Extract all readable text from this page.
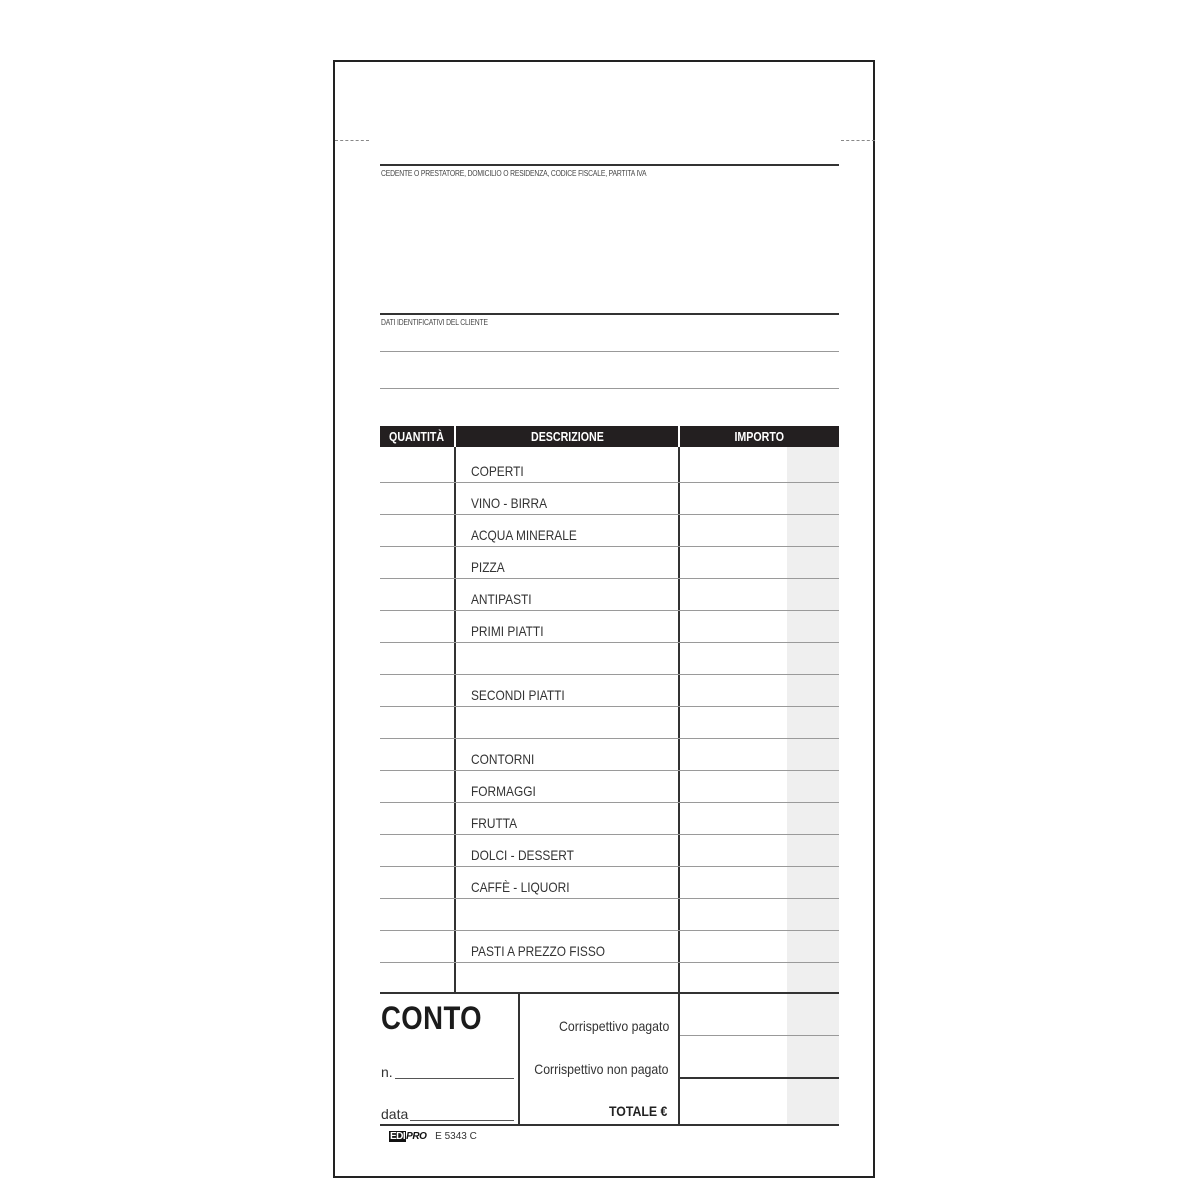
CEDENTE O PRESTATORE, DOMICILIO O RESIDENZA, CODICE FISCALE, PARTITA IVA
DATI IDENTIFICATIVI DEL CLIENTE
QUANTITÀ	DESCRIZIONE	IMPORTO
COPERTI
VINO - BIRRA
ACQUA MINERALE
PIZZA
ANTIPASTI
PRIMI PIATTI
SECONDI PIATTI
CONTORNI
FORMAGGI
FRUTTA
DOLCI - DESSERT
CAFFÈ - LIQUORI
PASTI A PREZZO FISSO
CONTO
n.
data
Corrispettivo pagato
Corrispettivo non pagato
TOTALE €
EDIPRO E 5343 C
